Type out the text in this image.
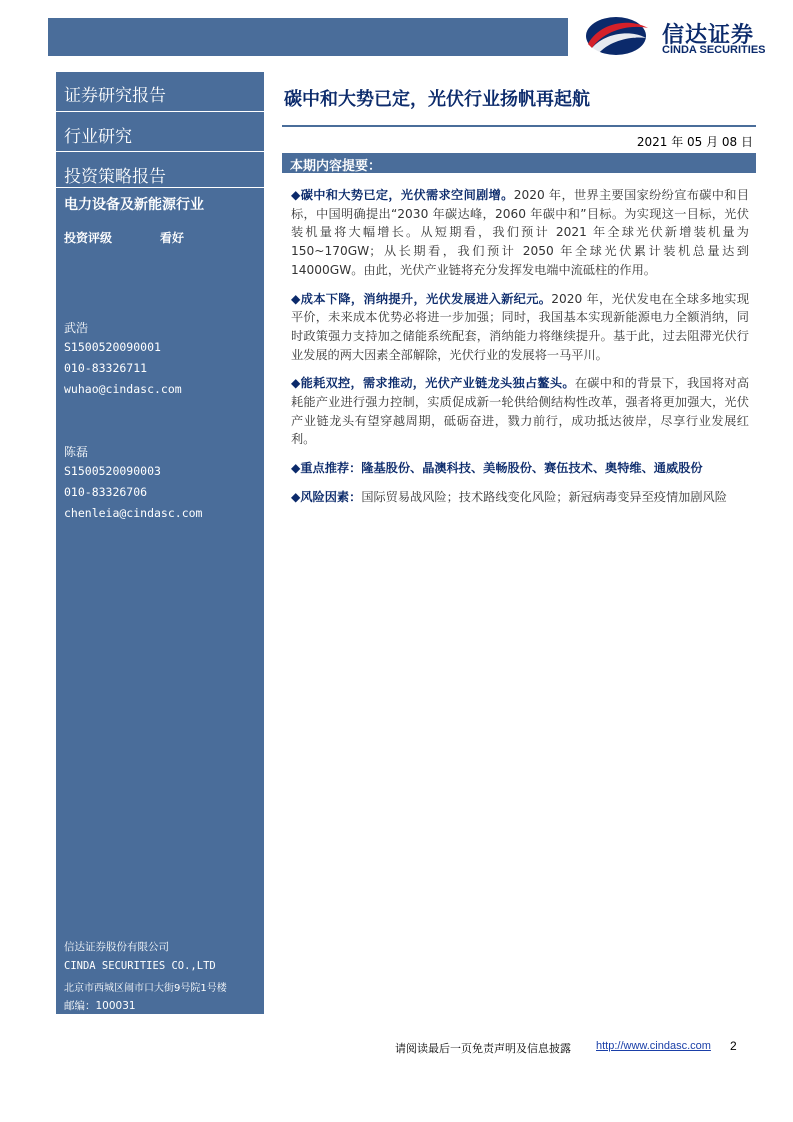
信达证券
CINDA SECURITIES
证券研究报告
行业研究
投资策略报告
电力设备及新能源行业
投资评级	看好
武浩
S1500520090001
010-83326711
wuhao@cindasc.com
陈磊
S1500520090003
010-83326706
chenleia@cindasc.com
信达证券股份有限公司
CINDA SECURITIES CO.,LTD
北京市西城区闹市口大街9号院1号楼
邮编：100031
碳中和大势已定，光伏行业扬帆再起航
2021 年 05 月 08 日
本期内容提要：

◆碳中和大势已定，光伏需求空间剧增。2020 年，世界主要国家纷纷宣布碳中和目标，中国明确提出“2030 年碳达峰，2060 年碳中和”目标。为实现这一目标，光伏装机量将大幅增长。从短期看，我们预计 2021 年全球光伏新增装机量为 150~170GW；从长期看，我们预计 2050 年全球光伏累计装机总量达到 14000GW。由此，光伏产业链将充分发挥发电端中流砥柱的作用。

◆成本下降，消纳提升，光伏发展进入新纪元。2020 年，光伏发电在全球多地实现平价，未来成本优势必将进一步加强；同时，我国基本实现新能源电力全额消纳，同时政策强力支持加之储能系统配套，消纳能力将继续提升。基于此，过去阻滞光伏行业发展的两大因素全部解除，光伏行业的发展将一马平川。

◆能耗双控，需求推动，光伏产业链龙头独占鳌头。在碳中和的背景下，我国将对高耗能产业进行强力控制，实质促成新一轮供给侧结构性改革，强者将更加强大，光伏产业链龙头有望穿越周期，砥砺奋进，戮力前行，成功抵达彼岸，尽享行业发展红利。

◆重点推荐：隆基股份、晶澳科技、美畅股份、赛伍技术、奥特维、通威股份

◆风险因素：国际贸易战风险；技术路线变化风险；新冠病毒变异至疫情加剧风险

请阅读最后一页免责声明及信息披露 http://www.cindasc.com 2
